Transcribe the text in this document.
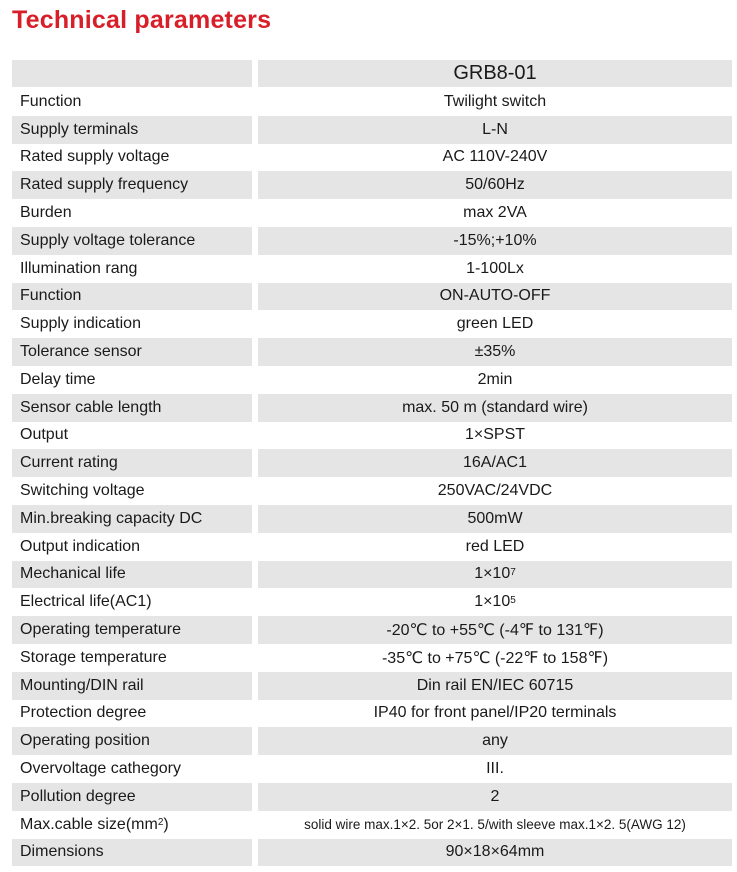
Technical parameters
GRB8-01
Function	Twilight switch
Supply terminals	L-N
Rated supply voltage	AC 110V-240V
Rated supply frequency	50/60Hz
Burden	max 2VA
Supply voltage tolerance	-15%;+10%
Illumination rang	1-100Lx
Function	ON-AUTO-OFF
Supply indication	green LED
Tolerance sensor	±35%
Delay time	2min
Sensor cable length	max. 50 m (standard wire)
Output	1×SPST
Current rating	16A/AC1
Switching voltage	250VAC/24VDC
Min.breaking capacity DC	500mW
Output indication	red LED
Mechanical life	$1\times 10^7$
Electrical life(AC1)	$1\times 10^5$
Operating temperature	-20℃ to +55℃ (-4℉ to 131℉)
Storage temperature	-35℃ to +75℃ (-22℉ to 158℉)
Mounting/DIN rail	Din rail EN/IEC 60715
Protection degree	IP40 for front panel/IP20 terminals
Operating position	any
Overvoltage cathegory	III.
Pollution degree	2
Max.cable $size(mm^2$ )	solid wire max.1×2. 5or 2×1. 5/with sleeve max.1×2. 5(AWG 12)
Dimensions	90×18×64mm
